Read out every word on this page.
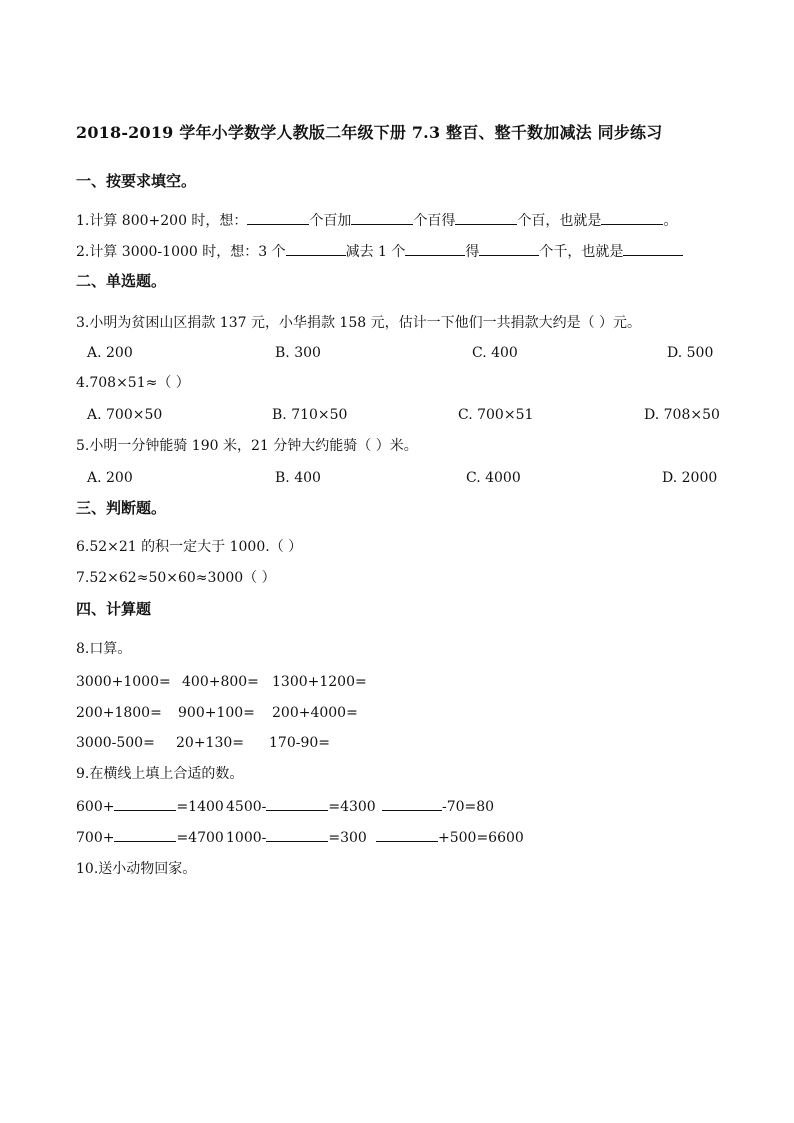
2018-2019 学年小学数学人教版二年级下册 7.3 整百、整千数加减法 同步练习
一、按要求填空。
1.计算 800+200 时，想：	个百加	个百得	个百，也就是	。
2.计算 3000-1000 时，想：3 个	减去 1 个	得	个千，也就是
二、单选题。
3.小明为贫困山区捐款 137 元，小华捐款 158 元，估计一下他们一共捐款大约是（ ）元。
A. 200	B. 300	C. 400	D. 500
4.708×51≈（ ）
A. 700×50	B. 710×50	C. 700×51	D. 708×50
5.小明一分钟能骑 190 米，21 分钟大约能骑（ ）米。
A. 200	B. 400	C. 4000	D. 2000
三、判断题。
6.52×21 的积一定大于 1000.（ ）
7.52×62≈50×60≈3000（ ）
四、计算题
8.口算。
3000+1000= 400+800= 1300+1200=
200+1800= 900+100= 200+4000=
3000-500= 20+130= 170-90=
9.在横线上填上合适的数。
600+	=1400 4500-	=4300	-70=80
700+	=4700 1000-	=300	+500=6600
10.送小动物回家。
